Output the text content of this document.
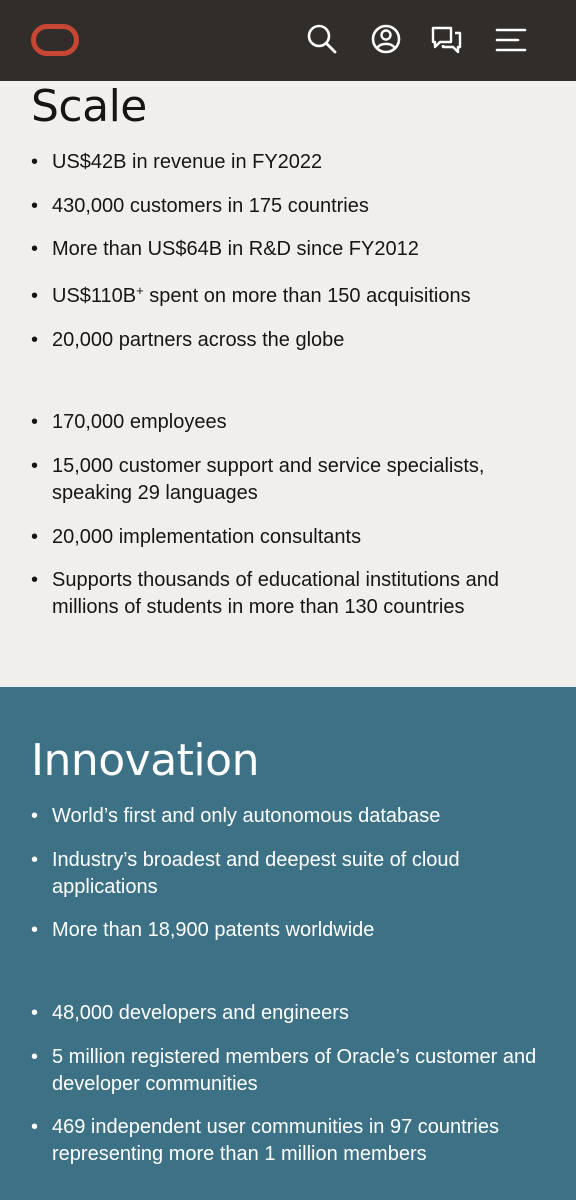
Scale
• US$42B in revenue in FY2022
• 430,000 customers in 175 countries
• More than US$64B in R&D since FY2012
• US$110B+ spent on more than 150 acquisitions
• 20,000 partners across the globe
• 170,000 employees
• 15,000 customer support and service specialists, speaking 29 languages
• 20,000 implementation consultants
• Supports thousands of educational institutions and millions of students in more than 130 countries
Innovation
• World’s first and only autonomous database
• Industry’s broadest and deepest suite of cloud applications
• More than 18,900 patents worldwide
• 48,000 developers and engineers
• 5 million registered members of Oracle’s customer and developer communities
• 469 independent user communities in 97 countries representing more than 1 million members
